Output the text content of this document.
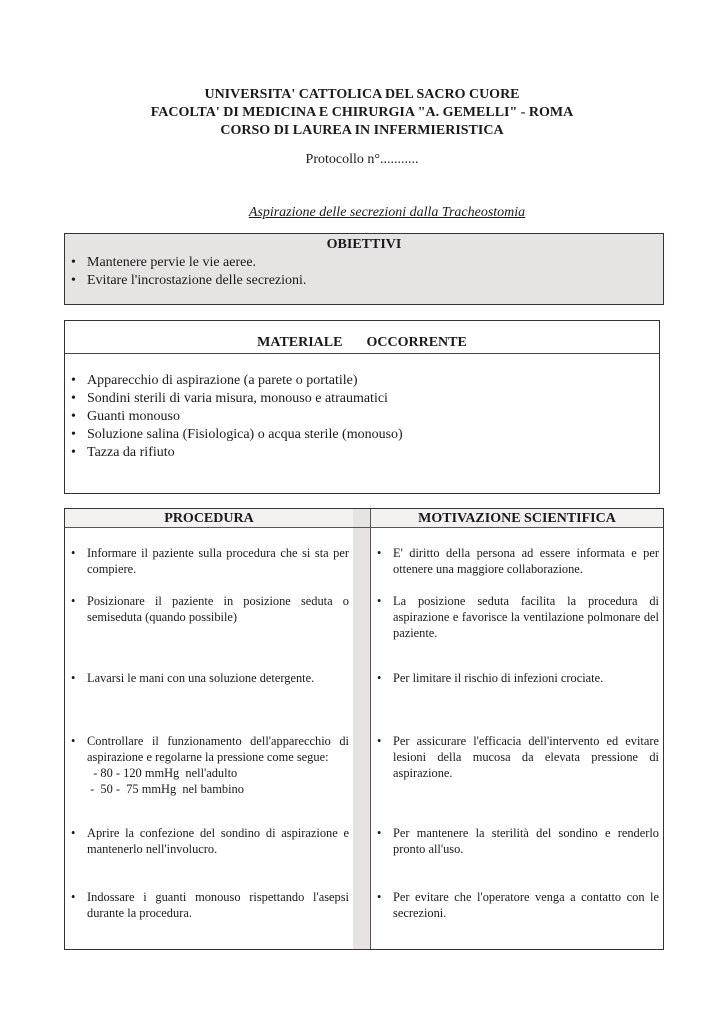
UNIVERSITA' CATTOLICA DEL SACRO CUORE
FACOLTA' DI MEDICINA E CHIRURGIA "A. GEMELLI" - ROMA
CORSO DI LAUREA IN INFERMIERISTICA
Protocollo n°...........
Aspirazione delle secrezioni dalla Tracheostomia
OBIETTIVI
• Mantenere pervie le vie aeree.
• Evitare l'incrostazione delle secrezioni.
MATERIALE OCCORRENTE
• Apparecchio di aspirazione (a parete o portatile)
• Sondini sterili di varia misura, monouso e atraumatici
• Guanti monouso
• Soluzione salina (Fisiologica) o acqua sterile (monouso)
• Tazza da rifiuto
PROCEDURA
• Informare il paziente sulla procedura che si sta per compiere.
• Posizionare il paziente in posizione seduta o semiseduta (quando possibile)
• Lavarsi le mani con una soluzione detergente.
• Controllare il funzionamento dell'apparecchio di aspirazione e regolarne la pressione come segue:
- 80 - 120 mmHg  nell'adulto
-  50 -  75 mmHg  nel bambino
• Aprire la confezione del sondino di aspirazione e mantenerlo nell'involucro.
• Indossare i guanti monouso rispettando l'asepsi durante la procedura.
MOTIVAZIONE SCIENTIFICA
• E' diritto della persona ad essere informata e per ottenere una maggiore collaborazione.
• La posizione seduta facilita la procedura di aspirazione e favorisce la ventilazione polmonare del paziente.
• Per limitare il rischio di infezioni crociate.
• Per assicurare l'efficacia dell'intervento ed evitare lesioni della mucosa da elevata pressione di aspirazione.
• Per mantenere la sterilità del sondino e renderlo pronto all'uso.
• Per evitare che l'operatore venga a contatto con le secrezioni.
